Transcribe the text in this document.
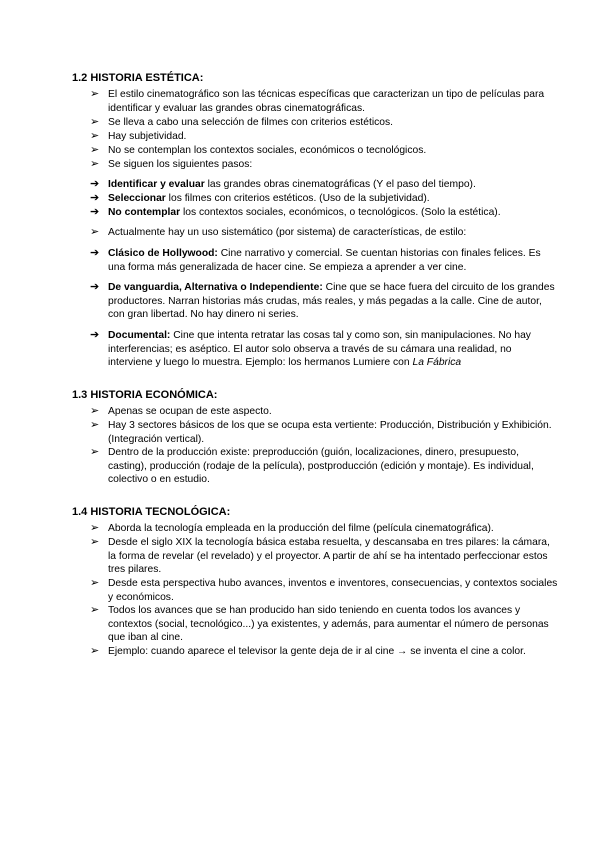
1.2 HISTORIA ESTÉTICA:
➢ El estilo cinematográfico son las técnicas específicas que caracterizan un tipo de películas para identificar y evaluar las grandes obras cinematográficas.
➢ Se lleva a cabo una selección de filmes con criterios estéticos.
➢ Hay subjetividad.
➢ No se contemplan los contextos sociales, económicos o tecnológicos.
➢ Se siguen los siguientes pasos:
➔ Identificar y evaluar las grandes obras cinematográficas (Y el paso del tiempo).
➔ Seleccionar los filmes con criterios estéticos. (Uso de la subjetividad).
➔ No contemplar los contextos sociales, económicos, o tecnológicos. (Solo la estética).
➢ Actualmente hay un uso sistemático (por sistema) de características, de estilo:
➔ Clásico de Hollywood: Cine narrativo y comercial. Se cuentan historias con finales felices. Es una forma más generalizada de hacer cine. Se empieza a aprender a ver cine.
➔ De vanguardia, Alternativa o Independiente: Cine que se hace fuera del circuito de los grandes productores. Narran historias más crudas, más reales, y más pegadas a la calle. Cine de autor, con gran libertad. No hay dinero ni series.
➔ Documental: Cine que intenta retratar las cosas tal y como son, sin manipulaciones. No hay interferencias; es aséptico. El autor solo observa a través de su cámara una realidad, no interviene y luego lo muestra. Ejemplo: los hermanos Lumiere con La Fábrica
1.3 HISTORIA ECONÓMICA:
➢ Apenas se ocupan de este aspecto.
➢ Hay 3 sectores básicos de los que se ocupa esta vertiente: Producción, Distribución y Exhibición. (Integración vertical).
➢ Dentro de la producción existe: preproducción (guión, localizaciones, dinero, presupuesto, casting), producción (rodaje de la película), postproducción (edición y montaje). Es individual, colectivo o en estudio.
1.4 HISTORIA TECNOLÓGICA:
➢ Aborda la tecnología empleada en la producción del filme (película cinematográfica).
➢ Desde el siglo XIX la tecnología básica estaba resuelta, y descansaba en tres pilares: la cámara, la forma de revelar (el revelado) y el proyector. A partir de ahí se ha intentado perfeccionar estos tres pilares.
➢ Desde esta perspectiva hubo avances, inventos e inventores, consecuencias, y contextos sociales y económicos.
➢ Todos los avances que se han producido han sido teniendo en cuenta todos los avances y contextos (social, tecnológico...) ya existentes, y además, para aumentar el número de personas que iban al cine.
➢ Ejemplo: cuando aparece el televisor la gente deja de ir al cine → se inventa el cine a color.
